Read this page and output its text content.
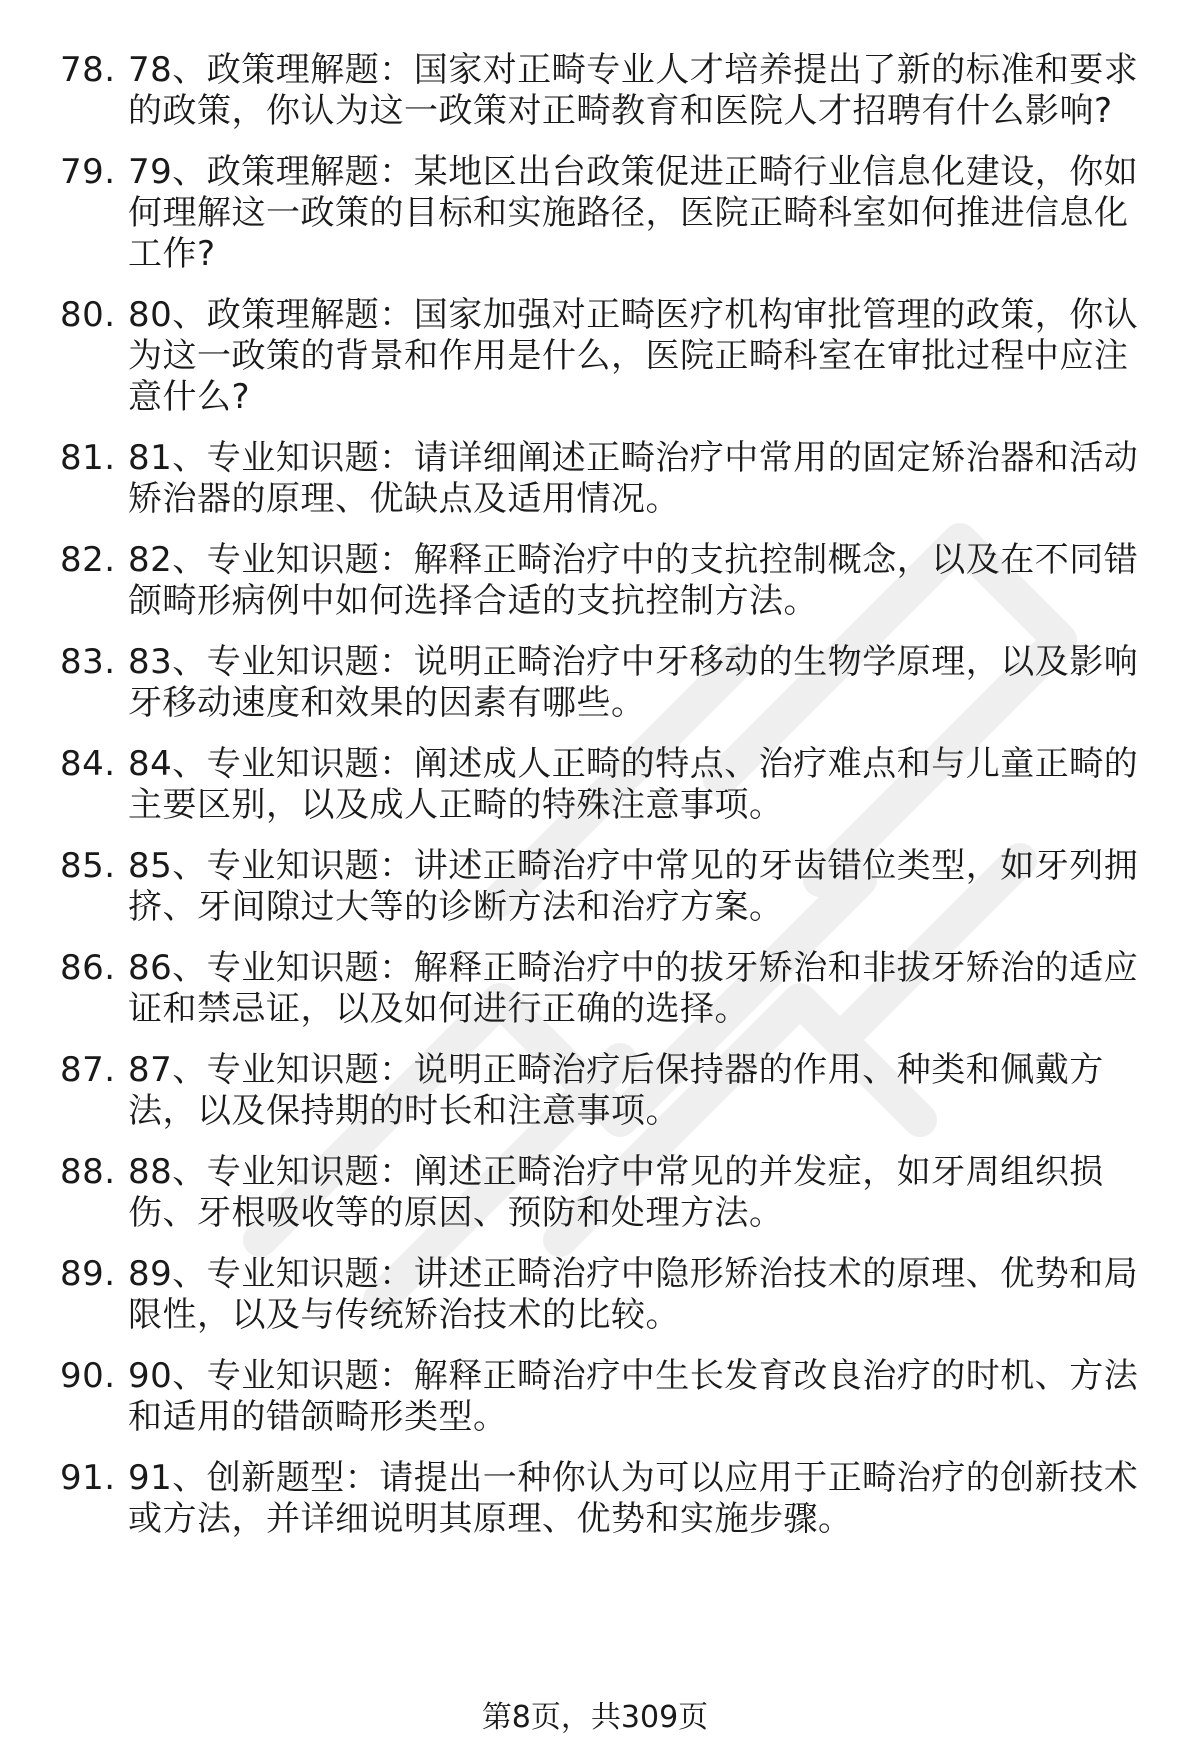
78. 78、政策理解题：国家对正畸专业人才培养提出了新的标准和要求的政策，你认为这一政策对正畸教育和医院人才招聘有什么影响?
79. 79、政策理解题：某地区出台政策促进正畸行业信息化建设，你如何理解这一政策的目标和实施路径，医院正畸科室如何推进信息化工作?
80. 80、政策理解题：国家加强对正畸医疗机构审批管理的政策，你认为这一政策的背景和作用是什么，医院正畸科室在审批过程中应注意什么?
81. 81、专业知识题：请详细阐述正畸治疗中常用的固定矫治器和活动矫治器的原理、优缺点及适用情况。
82. 82、专业知识题：解释正畸治疗中的支抗控制概念，以及在不同错颌畸形病例中如何选择合适的支抗控制方法。
83. 83、专业知识题：说明正畸治疗中牙移动的生物学原理，以及影响牙移动速度和效果的因素有哪些。
84. 84、专业知识题：阐述成人正畸的特点、治疗难点和与儿童正畸的主要区别，以及成人正畸的特殊注意事项。
85. 85、专业知识题：讲述正畸治疗中常见的牙齿错位类型，如牙列拥挤、牙间隙过大等的诊断方法和治疗方案。
86. 86、专业知识题：解释正畸治疗中的拔牙矫治和非拔牙矫治的适应证和禁忌证，以及如何进行正确的选择。
87. 87、专业知识题：说明正畸治疗后保持器的作用、种类和佩戴方法，以及保持期的时长和注意事项。
88. 88、专业知识题：阐述正畸治疗中常见的并发症，如牙周组织损伤、牙根吸收等的原因、预防和处理方法。
89. 89、专业知识题：讲述正畸治疗中隐形矫治技术的原理、优势和局限性，以及与传统矫治技术的比较。
90. 90、专业知识题：解释正畸治疗中生长发育改良治疗的时机、方法和适用的错颌畸形类型。
91. 91、创新题型：请提出一种你认为可以应用于正畸治疗的创新技术或方法，并详细说明其原理、优势和实施步骤。
第8页，共309页
